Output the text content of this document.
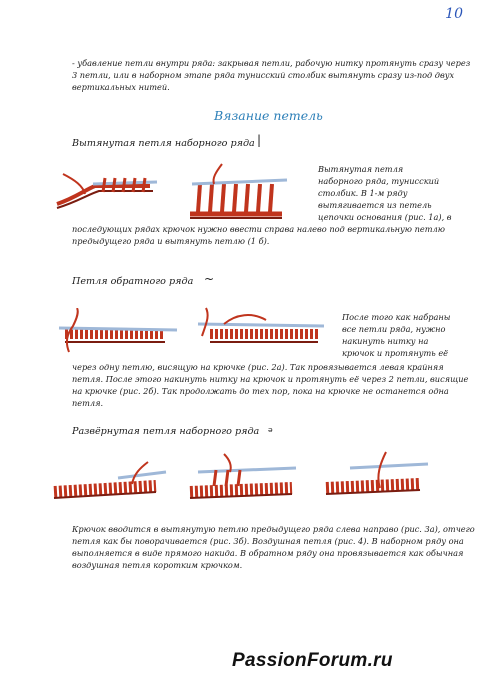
10
- убавление петли внутри ряда: закрывая петли, рабочую нитку протянуть сразу через
3 петли, или в наборном этапе ряда тунисский столбик вытянуть сразу из-под двух
вертикальных нитей.
Вязание петель
Вытянутая петля наборного ряда |
Вытянутая петля
наборного ряда, тунисский
столбик. В 1-м ряду
вытягивается из петель
цепочки основания (рис. 1а), в
последующих рядах крючок нужно ввести справа налево под вертикальную петлю
предыдущего ряда и вытянуть петлю (1 б).
Петля обратного ряда ~
После того как набраны
все петли ряда, нужно
накинуть нитку на
крючок и протянуть её
через одну петлю, висящую на крючке (рис. 2а). Так провязывается левая крайняя
петля. После этого накинуть нитку на крючок и протянуть её через 2 петли, висящие
на крючке (рис. 2б). Так продолжать до тех пор, пока на крючке не останется одна
петля.
Развёрнутая петля наборного ряда ₔ
Крючок вводится в вытянутую петлю предыдущего ряда слева направо (рис. 3а), отчего
петля как бы поворачивается (рис. 3б). Воздушная петля (рис. 4). В наборном ряду она
выполняется в виде прямого накида. В обратном ряду она провязывается как обычная
воздушная петля коротким крючком.
PassionForum.ru
